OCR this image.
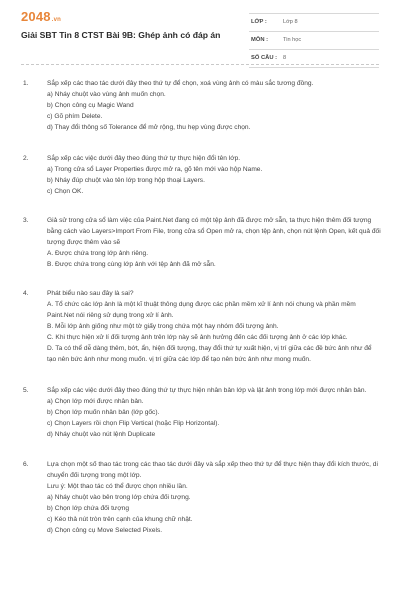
2048.vn
Giải SBT Tin 8 CTST Bài 9B: Ghép ảnh có đáp án
LỚP :	Lớp 8
MÔN :	Tin học
SỐ CÂU : 8
1.	Sắp xếp các thao tác dưới đây theo thứ tự để chọn, xoá vùng ảnh có màu sắc tương đồng.
a) Nháy chuột vào vùng ảnh muốn chọn.
b) Chọn công cụ Magic Wand
c) Gõ phím Delete.
d) Thay đổi thông số Tolerance để mở rộng, thu hẹp vùng được chọn.
2.	Sắp xếp các việc dưới đây theo đúng thứ tự thực hiện đổi tên lớp.
a) Trong cửa sổ Layer Properties được mở ra, gõ tên mới vào hộp Name.
b) Nháy đúp chuột vào tên lớp trong hộp thoại Layers.
c) Chọn OK.
3.	Giả sử trong cửa sổ làm việc của Paint.Net đang có một tệp ảnh đã được mở sẵn, ta thực hiện thêm đối tượng bằng cách vào Layers>Import From File, trong cửa sổ Open mở ra, chọn tệp ảnh, chọn nút lệnh Open, kết quả đối tượng được thêm vào sẽ
A. Được chứa trong lớp ảnh riêng.
B. Được chứa trong cùng lớp ảnh với tệp ảnh đã mở sẵn.
4.	Phát biểu nào sau đây là sai?
A. Tổ chức các lớp ảnh là một kĩ thuật thông dụng được các phần mềm xử lí ảnh nói chung và phần mềm Paint.Net nói riêng sử dụng trong xử lí ảnh.
B. Mỗi lớp ảnh giống như một tờ giấy trong chứa một hay nhóm đối tượng ảnh.
C. Khi thực hiện xử lí đối tượng ảnh trên lớp này sẽ ảnh hưởng đến các đối tượng ảnh ở các lớp khác.
D. Ta có thể dễ dàng thêm, bớt, ẩn, hiện đối tượng, thay đổi thứ tự xuất hiện, vị trí giữa các đề bức ảnh như để tạo nên bức ảnh như mong muốn. vị trí giữa các lớp để tạo nên bức ảnh như mong muốn.
5.	Sắp xếp các việc dưới đây theo đúng thứ tự thực hiện nhân bản lớp và lật ảnh trong lớp mới được nhân bản.
a) Chọn lớp mới được nhân bản.
b) Chọn lớp muốn nhân bản (lớp gốc).
c) Chọn Layers rồi chọn Flip Vertical (hoặc Flip Horizontal).
d) Nháy chuột vào nút lệnh Duplicate
6.	Lựa chọn một số thao tác trong các thao tác dưới đây và sắp xếp theo thứ tự để thực hiện thay đổi kích thước, di chuyển đối tượng trong một lớp.
Lưu ý: Một thao tác có thể được chọn nhiều lần.
a) Nháy chuột vào bên trong lớp chứa đối tượng.
b) Chọn lớp chứa đối tượng
c) Kéo thả nút tròn trên cạnh của khung chữ nhật.
d) Chọn công cụ Move Selected Pixels.
